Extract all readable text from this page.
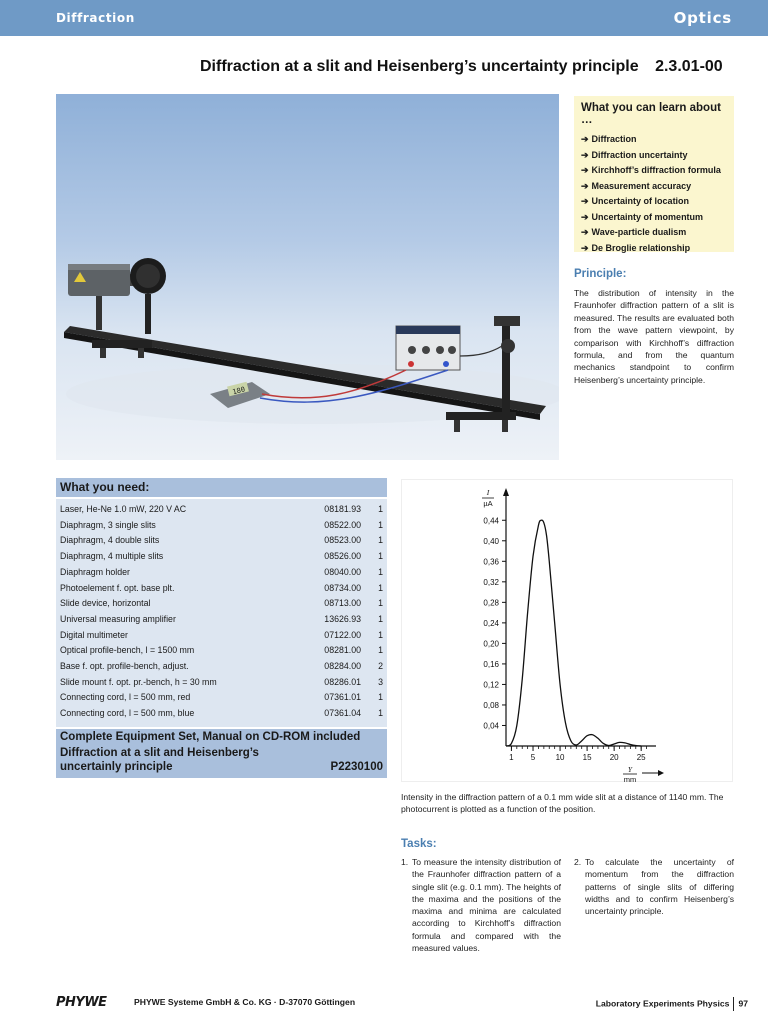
Diffraction	Optics
Diffraction at a slit and Heisenberg’s uncertainty principle 2.3.01-00
180
What you can learn about …
➔ Diffraction
➔ Diffraction uncertainty
➔ Kirchhoff’s diffraction formula
➔ Measurement accuracy
➔ Uncertainty of location
➔ Uncertainty of momentum
➔ Wave-particle dualism
➔ De Broglie relationship
Principle:
The distribution of intensity in the Fraunhofer diffraction pattern of a slit is measured. The results are evaluated both from the wave pattern viewpoint, by comparison with Kirchhoff’s diffraction formula, and from the quantum mechanics standpoint to confirm Heisenberg’s uncertainty principle.
What you need:
Laser, He-Ne 1.0 mW, 220 V AC	08181.93 1
Diaphragm, 3 single slits	08522.00 1
Diaphragm, 4 double slits	08523.00 1
Diaphragm, 4 multiple slits	08526.00 1
Diaphragm holder	08040.00 1
Photoelement f. opt. base plt.	08734.00 1
Slide device, horizontal	08713.00 1
Universal measuring amplifier	13626.93 1
Digital multimeter	07122.00 1
Optical profile-bench, l = 1500 mm	08281.00 1
Base f. opt. profile-bench, adjust.	08284.00 2
Slide mount f. opt. pr.-bench, h = 30 mm	08286.01 3
Connecting cord, l = 500 mm, red	07361.01 1
Connecting cord, l = 500 mm, blue	07361.04 1
Complete Equipment Set, Manual on CD-ROM included
Diffraction at a slit and Heisenberg’s
uncertainly principle	P2230100
0,04
0,08
0,12
0,16
0,20
0,24
0,28
0,32
0,36
0,40
0,44
1 5	10 15 20 25
I
µA
Y
mm
Intensity in the diffraction pattern of a 0.1 mm wide slit at a distance of 1140 mm. The photocurrent is plotted as a function of the position.
Tasks:
1. To measure the intensity distribution of the Fraunhofer diffraction pattern of a single slit (e.g. 0.1 mm). The heights of the maxima and the positions of the maxima and minima are calculated according to Kirchhoff’s diffraction formula and compared with the measured values.
2. To calculate the uncertainty of momentum from the diffraction patterns of single slits of differing widths and to confirm Heisenberg’s uncertainty principle.
PHYWE	PHYWE Systeme GmbH & Co. KG · D-37070 Göttingen	Laboratory Experiments Physics 97
